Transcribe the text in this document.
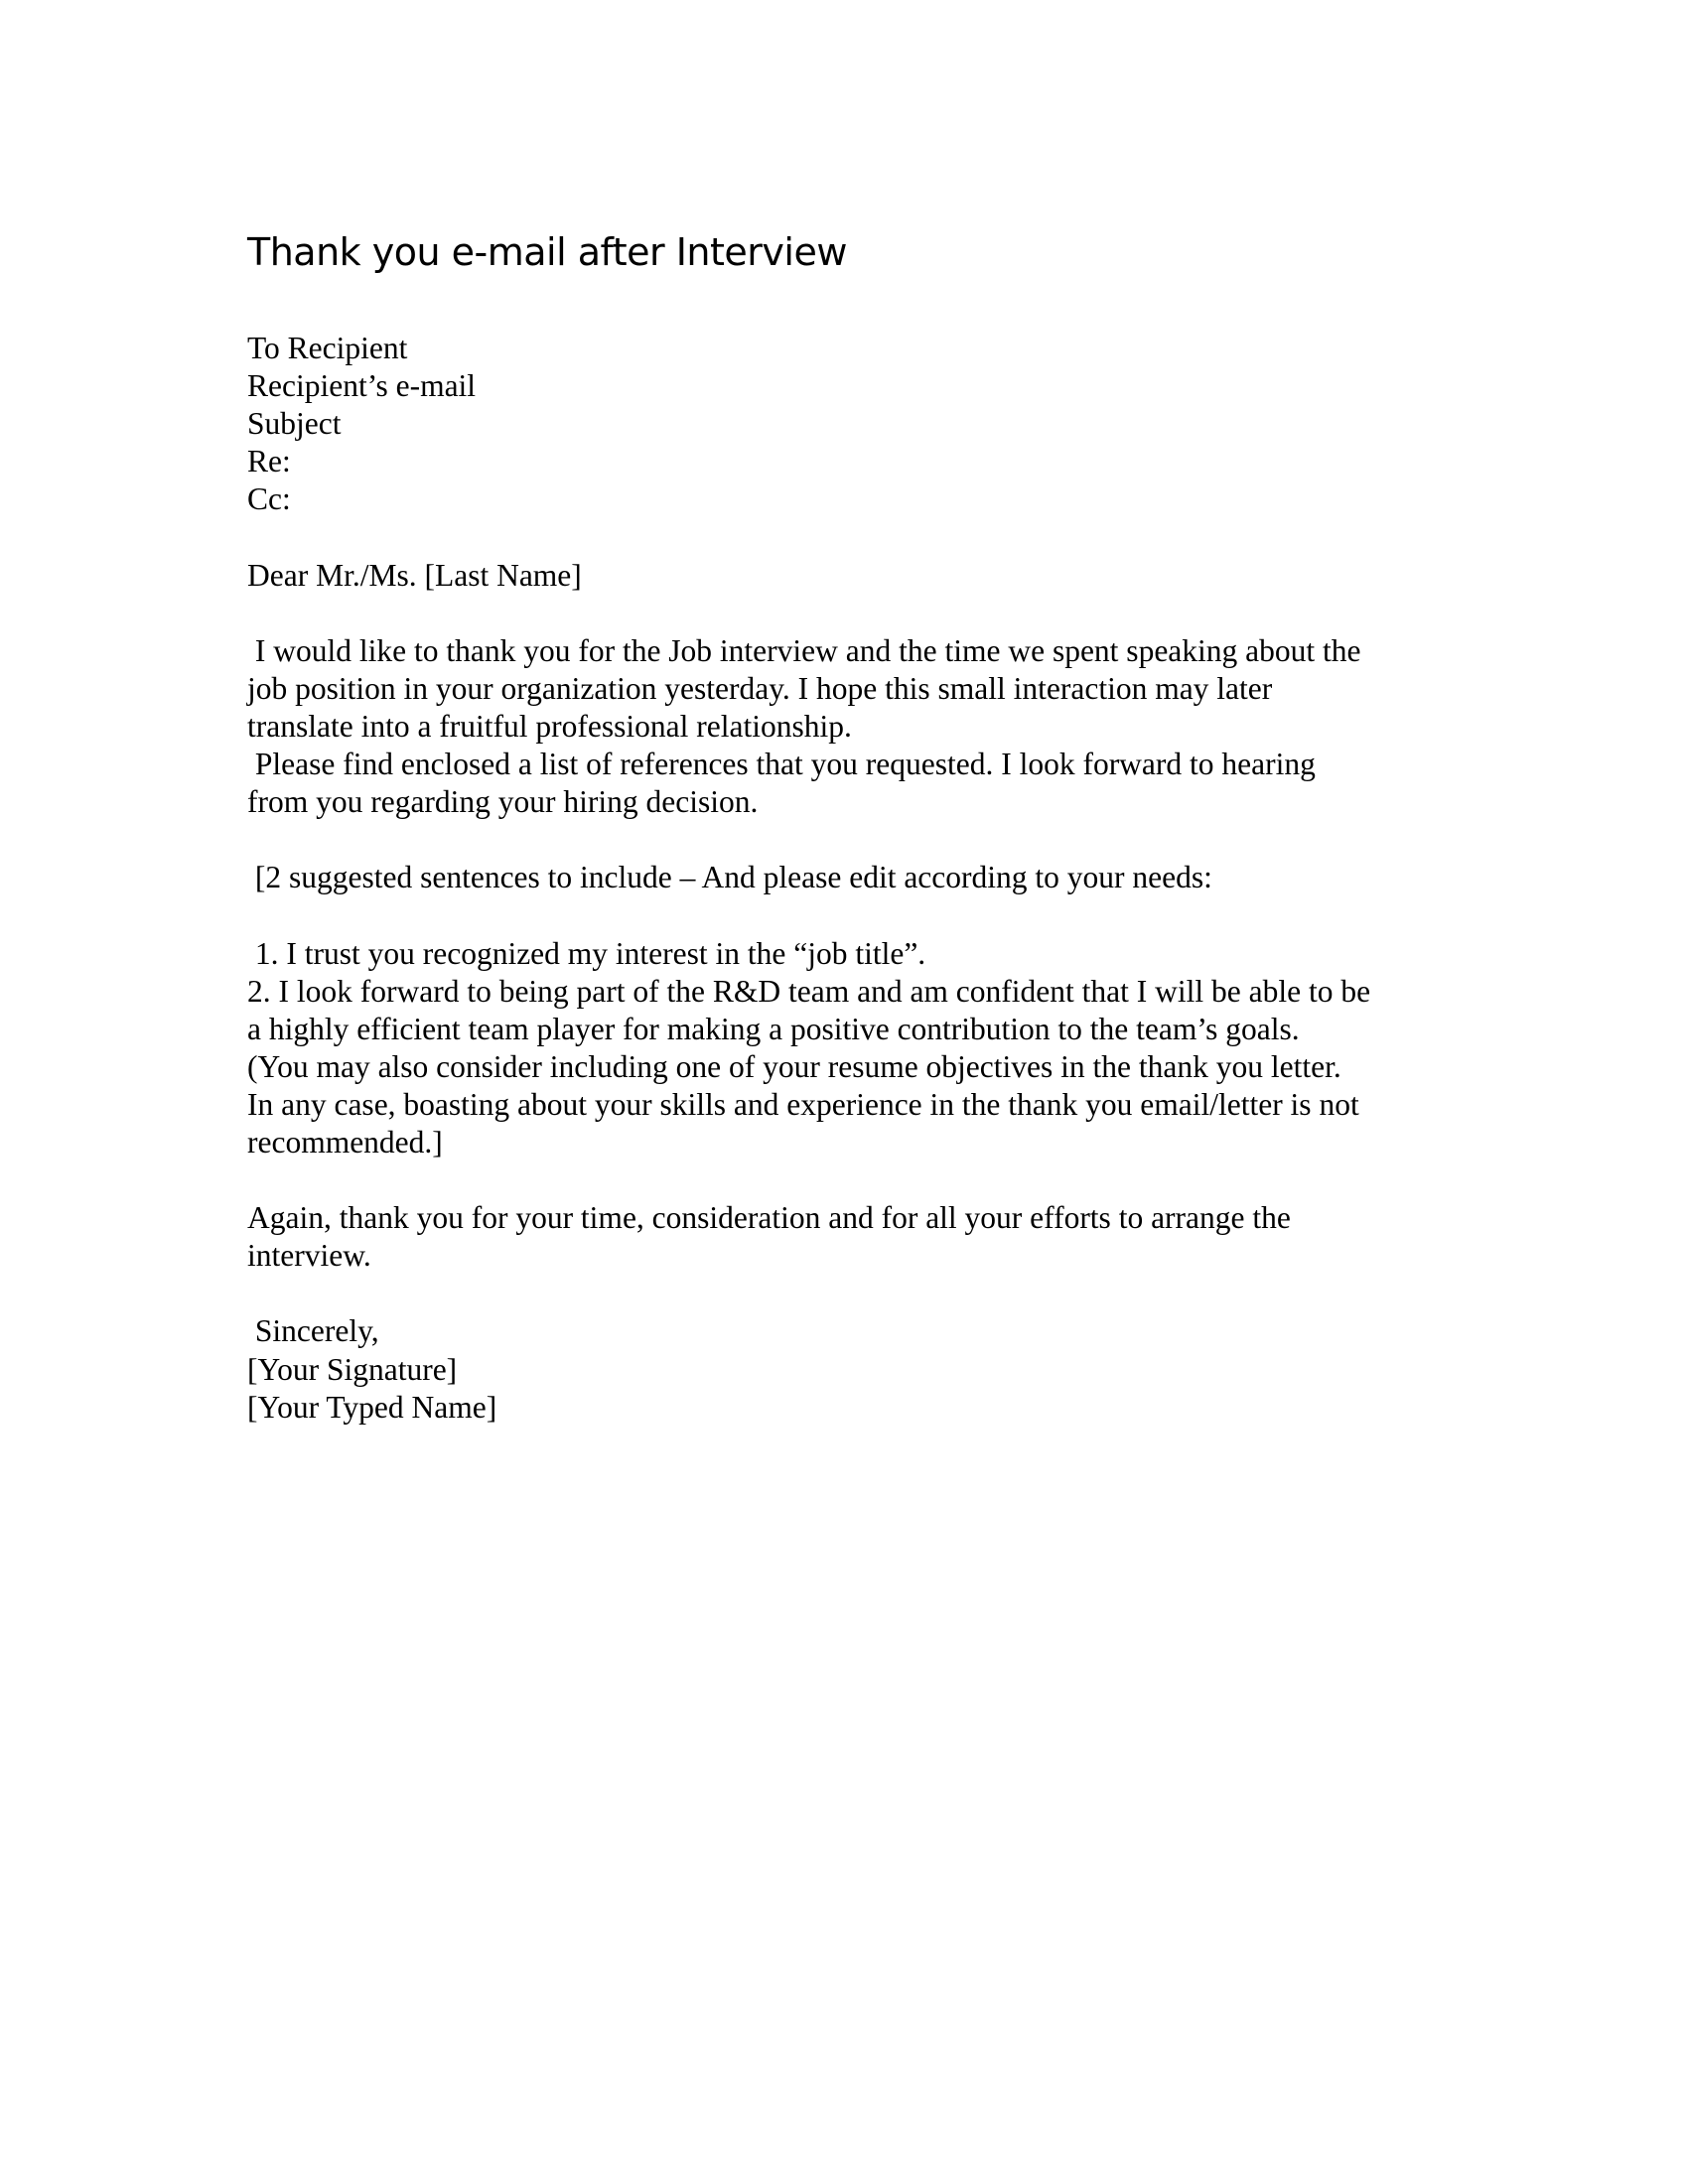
Thank you e-mail after Interview
To Recipient
Recipient’s e-mail
Subject
Re:
Cc:
Dear Mr./Ms. [Last Name]
I would like to thank you for the Job interview and the time we spent speaking about the
job position in your organization yesterday. I hope this small interaction may later
translate into a fruitful professional relationship.
Please find enclosed a list of references that you requested. I look forward to hearing
from you regarding your hiring decision.
[2 suggested sentences to include – And please edit according to your needs:
1. I trust you recognized my interest in the “job title”.
2. I look forward to being part of the R&D team and am confident that I will be able to be
a highly efficient team player for making a positive contribution to the team’s goals.
(You may also consider including one of your resume objectives in the thank you letter.
In any case, boasting about your skills and experience in the thank you email/letter is not
recommended.]
Again, thank you for your time, consideration and for all your efforts to arrange the
interview.
Sincerely,
[Your Signature]
[Your Typed Name]
